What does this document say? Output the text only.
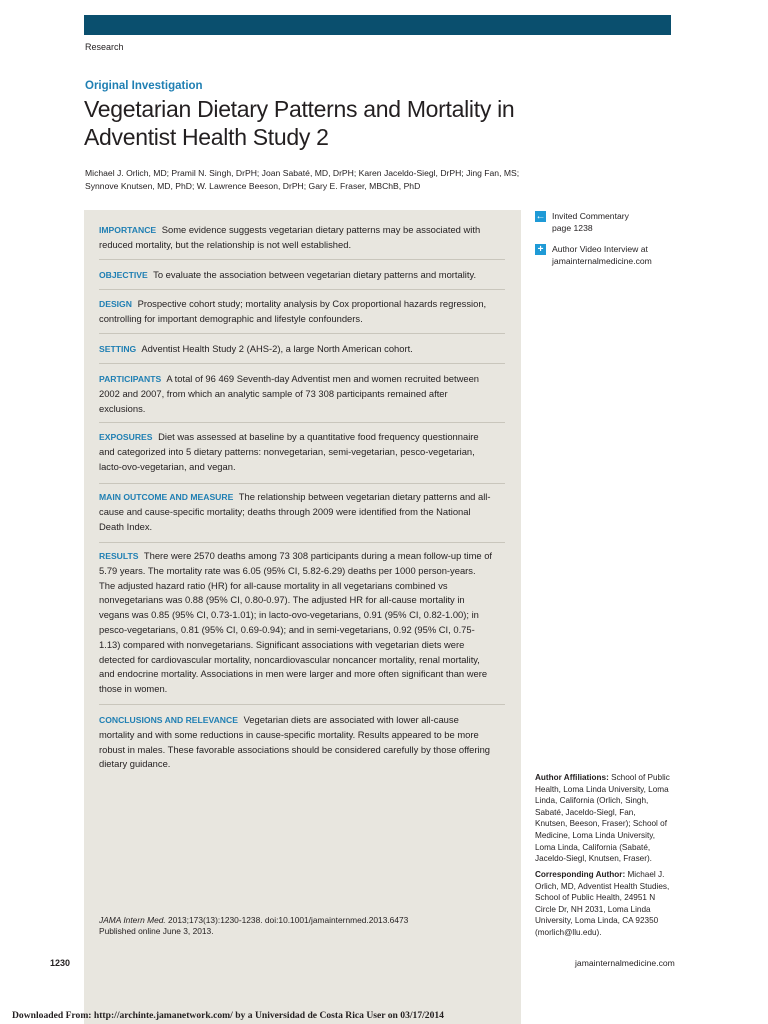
Research
Original Investigation
Vegetarian Dietary Patterns and Mortality in Adventist Health Study 2
Michael J. Orlich, MD; Pramil N. Singh, DrPH; Joan Sabaté, MD, DrPH; Karen Jaceldo-Siegl, DrPH; Jing Fan, MS; Synnove Knutsen, MD, PhD; W. Lawrence Beeson, DrPH; Gary E. Fraser, MBChB, PhD
IMPORTANCE Some evidence suggests vegetarian dietary patterns may be associated with reduced mortality, but the relationship is not well established.
OBJECTIVE To evaluate the association between vegetarian dietary patterns and mortality.
DESIGN Prospective cohort study; mortality analysis by Cox proportional hazards regression, controlling for important demographic and lifestyle confounders.
SETTING Adventist Health Study 2 (AHS-2), a large North American cohort.
PARTICIPANTS A total of 96 469 Seventh-day Adventist men and women recruited between 2002 and 2007, from which an analytic sample of 73 308 participants remained after exclusions.
EXPOSURES Diet was assessed at baseline by a quantitative food frequency questionnaire and categorized into 5 dietary patterns: nonvegetarian, semi-vegetarian, pesco-vegetarian, lacto-ovo-vegetarian, and vegan.
MAIN OUTCOME AND MEASURE The relationship between vegetarian dietary patterns and all-cause and cause-specific mortality; deaths through 2009 were identified from the National Death Index.
RESULTS There were 2570 deaths among 73 308 participants during a mean follow-up time of 5.79 years. The mortality rate was 6.05 (95% CI, 5.82-6.29) deaths per 1000 person-years. The adjusted hazard ratio (HR) for all-cause mortality in all vegetarians combined vs nonvegetarians was 0.88 (95% CI, 0.80-0.97). The adjusted HR for all-cause mortality in vegans was 0.85 (95% CI, 0.73-1.01); in lacto-ovo-vegetarians, 0.91 (95% CI, 0.82-1.00); in pesco-vegetarians, 0.81 (95% CI, 0.69-0.94); and in semi-vegetarians, 0.92 (95% CI, 0.75-1.13) compared with nonvegetarians. Significant associations with vegetarian diets were detected for cardiovascular mortality, noncardiovascular noncancer mortality, renal mortality, and endocrine mortality. Associations in men were larger and more often significant than were those in women.
CONCLUSIONS AND RELEVANCE Vegetarian diets are associated with lower all-cause mortality and with some reductions in cause-specific mortality. Results appeared to be more robust in males. These favorable associations should be considered carefully by those offering dietary guidance.
JAMA Intern Med. 2013;173(13):1230-1238. doi:10.1001/jamainternmed.2013.6473
Published online June 3, 2013.
← Invited Commentary
page 1238
+ Author Video Interview at
jamainternalmedicine.com
Author Affiliations: School of Public Health, Loma Linda University, Loma Linda, California (Orlich, Singh, Sabaté, Jaceldo-Siegl, Fan, Knutsen, Beeson, Fraser); School of Medicine, Loma Linda University, Loma Linda, California (Sabaté, Jaceldo-Siegl, Knutsen, Fraser).
Corresponding Author: Michael J. Orlich, MD, Adventist Health Studies, School of Public Health, 24951 N Circle Dr, NH 2031, Loma Linda University, Loma Linda, CA 92350 (morlich@llu.edu).
1230	jamainternalmedicine.com
Downloaded From: http://archinte.jamanetwork.com/ by a Universidad de Costa Rica User on 03/17/2014
